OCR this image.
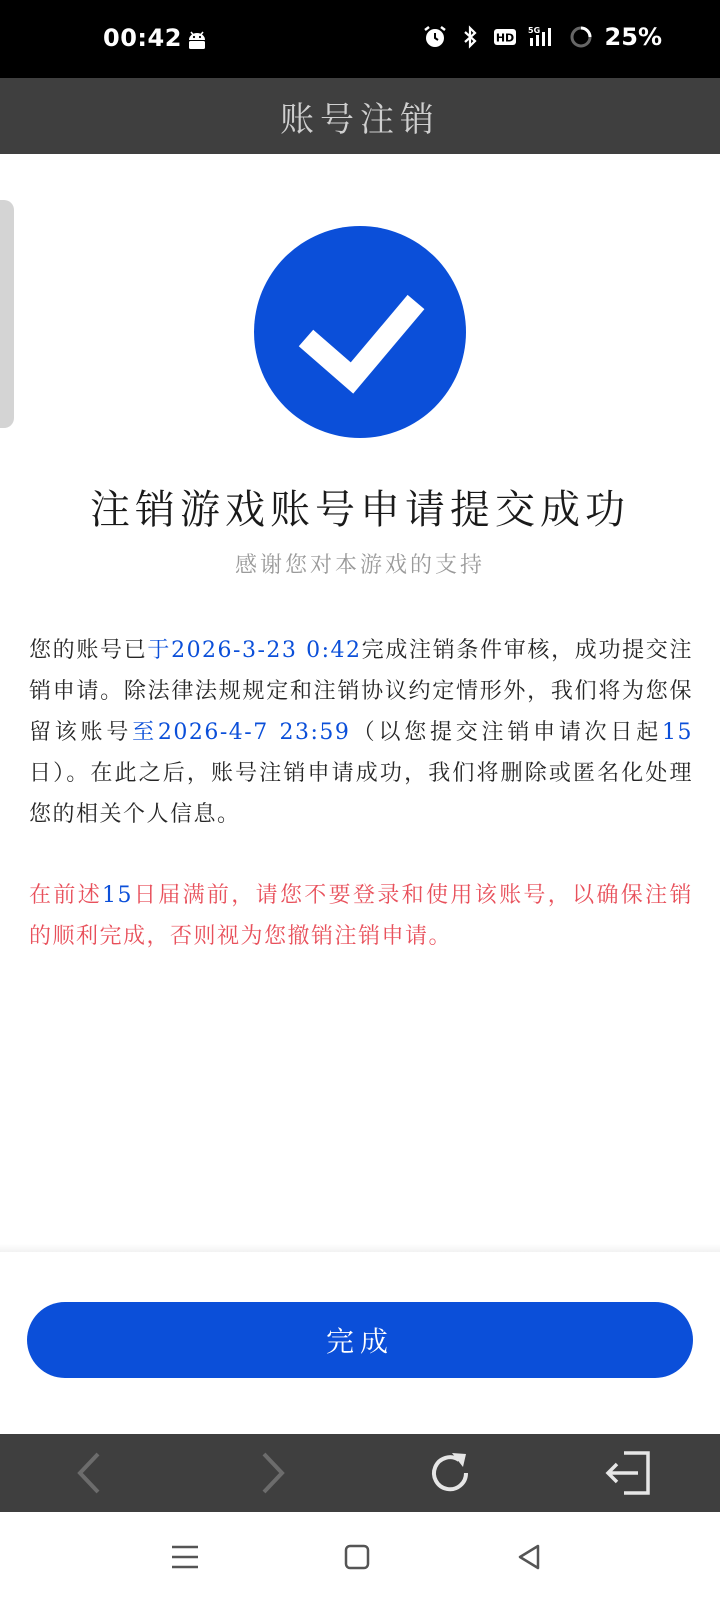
00:42	HD
5G	25%
账号注销
注销游戏账号申请提交成功
感谢您对本游戏的支持
您的账号已于2026-3-23 0:42完成注销条件审核，成功提交注销申请。除法律法规规定和注销协议约定情形外，我们将为您保留该账号至2026-4-7 23:59（以您提交注销申请次日起15日）。在此之后，账号注销申请成功，我们将删除或匿名化处理您的相关个人信息。
在前述15日届满前，请您不要登录和使用该账号，以确保注销的顺利完成，否则视为您撤销注销申请。
完成
